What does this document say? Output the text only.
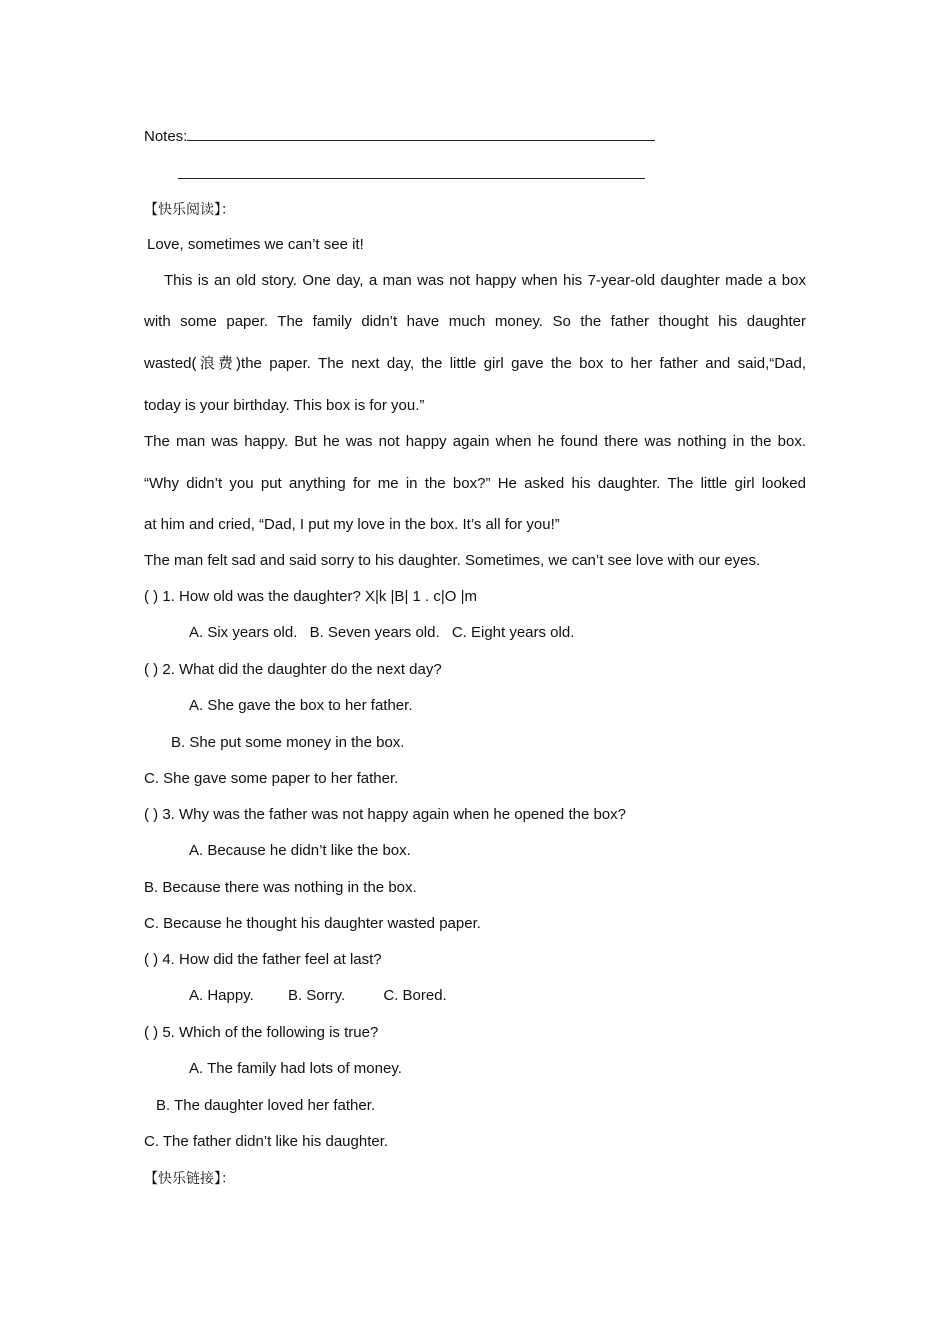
Notes:
【快乐阅读】：
Love, sometimes we can’t see it!
This is an old story. One day, a man was not happy when his 7-year-old daughter made a box
with some paper. The family didn’t have much money. So the father thought his daughter
wasted(浪费)the paper. The next day, the little girl gave the box to her father and said,“Dad,
today is your birthday. This box is for you.”
The man was happy. But he was not happy again when he found there was nothing in the box.
“Why didn’t you put anything for me in the box?” He asked his daughter. The little girl looked
at him and cried, “Dad, I put my love in the box. It’s all for you!”
The man felt sad and said sorry to his daughter. Sometimes, we can’t see love with our eyes.
( ) 1. How old was the daughter? X|k |B| 1 . c|O |m
A. Six years old. B. Seven years old. C. Eight years old.
( ) 2. What did the daughter do the next day?
A. She gave the box to her father.
B. She put some money in the box.
C. She gave some paper to her father.
( ) 3. Why was the father was not happy again when he opened the box?
A. Because he didn’t like the box.
B. Because there was nothing in the box.
C. Because he thought his daughter wasted paper.
( ) 4. How did the father feel at last?
A. Happy. B. Sorry.	C. Bored.
( ) 5. Which of the following is true?
A. The family had lots of money.
B. The daughter loved her father.
C. The father didn’t like his daughter.
【快乐链接】：
